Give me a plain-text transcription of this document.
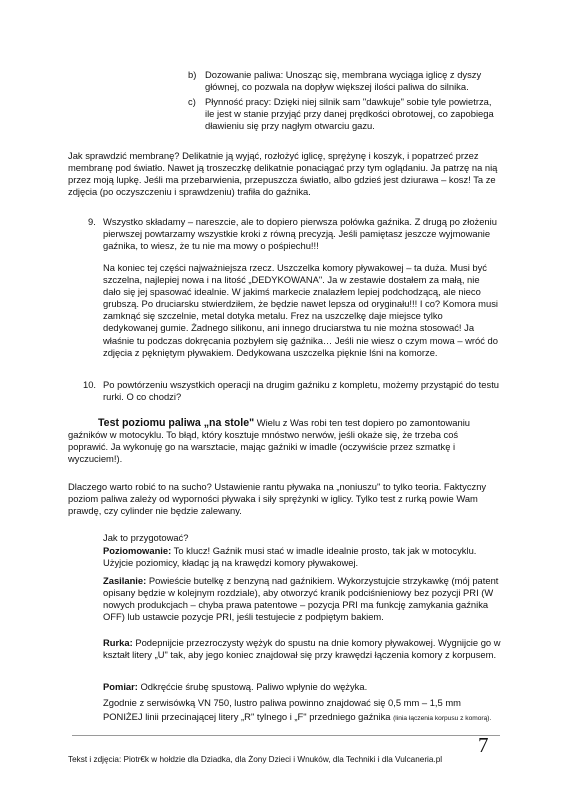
b) Dozowanie paliwa: Unosząc się, membrana wyciąga iglicę z dyszy głównej, co pozwala na dopływ większej ilości paliwa do silnika.

c) Płynność pracy: Dzięki niej silnik sam "dawkuje" sobie tyle powietrza, ile jest w stanie przyjąć przy danej prędkości obrotowej, co zapobiega dławieniu się przy nagłym otwarciu gazu.

Jak sprawdzić membranę? Delikatnie ją wyjąć, rozłożyć iglicę, sprężynę i koszyk, i popatrzeć przez membranę pod światło. Nawet ją troszeczkę delikatnie ponaciągać przy tym oglądaniu. Ja patrzę na nią przez moją lupkę. Jeśli ma przebarwienia, przepuszcza światło, albo gdzieś jest dziurawa – kosz! Ta ze zdjęcia (po oczyszczeniu i sprawdzeniu) trafiła do gaźnika.

9. Wszystko składamy – nareszcie, ale to dopiero pierwsza połówka gaźnika. Z drugą po złożeniu pierwszej powtarzamy wszystkie kroki z równą precyzją. Jeśli pamiętasz jeszcze wyjmowanie gaźnika, to wiesz, że tu nie ma mowy o pośpiechu!!!

Na koniec tej części najważniejsza rzecz. Uszczelka komory pływakowej – ta duża. Musi być szczelna, najlepiej nowa i na litość „DEDYKOWANA". Ja w zestawie dostałem za małą, nie dało się jej spasować idealnie. W jakimś markecie znalazłem lepiej podchodzącą, ale nieco grubszą. Po druciarsku stwierdziłem, że będzie nawet lepsza od oryginału!!! I co? Komora musi zamknąć się szczelnie, metal dotyka metalu. Frez na uszczelkę daje miejsce tylko dedykowanej gumie. Żadnego silikonu, ani innego druciarstwa tu nie można stosować! Ja właśnie tu podczas dokręcania pozbyłem się gaźnika… Jeśli nie wiesz o czym mowa – wróć do zdjęcia z pękniętym pływakiem. Dedykowana uszczelka pięknie lśni na komorze.

10. Po powtórzeniu wszystkich operacji na drugim gaźniku z kompletu, możemy przystąpić do testu rurki. O co chodzi?

Test poziomu paliwa „na stole" Wielu z Was robi ten test dopiero po zamontowaniu gaźników w motocyklu. To błąd, który kosztuje mnóstwo nerwów, jeśli okaże się, że trzeba coś poprawić. Ja wykonuję go na warsztacie, mając gaźniki w imadle (oczywiście przez szmatkę i wyczuciem!).

Dlaczego warto robić to na sucho? Ustawienie rantu pływaka na „noniuszu" to tylko teoria. Faktyczny poziom paliwa zależy od wyporności pływaka i siły sprężynki w iglicy. Tylko test z rurką powie Wam prawdę, czy cylinder nie będzie zalewany.

Jak to przygotować?

Poziomowanie: To klucz! Gaźnik musi stać w imadle idealnie prosto, tak jak w motocyklu. Użyjcie poziomicy, kładąc ją na krawędzi komory pływakowej.

Zasilanie: Powieście butelkę z benzyną nad gaźnikiem. Wykorzystujcie strzykawkę (mój patent opisany będzie w kolejnym rozdziale), aby otworzyć kranik podciśnieniowy bez pozycji PRI (W nowych produkcjach – chyba prawa patentowe – pozycja PRI ma funkcję zamykania gaźnika OFF) lub ustawcie pozycje PRI, jeśli testujecie z podpiętym bakiem.

Rurka: Podepnijcie przezroczysty wężyk do spustu na dnie komory pływakowej. Wygnijcie go w kształt litery „U" tak, aby jego koniec znajdował się przy krawędzi łączenia komory z korpusem.

Pomiar: Odkręćcie śrubę spustową. Paliwo wpłynie do wężyka.

Zgodnie z serwisówką VN 750, lustro paliwa powinno znajdować się 0,5 mm – 1,5 mm

PONIŻEJ linii przecinającej litery „R" tylnego i „F" przedniego gaźnika (linia łączenia korpusu z komorą).

7
Tekst i zdjęcia: Piotr€k w hołdzie dla Dziadka, dla Żony Dzieci i Wnuków, dla Techniki i dla Vulcaneria.pl
